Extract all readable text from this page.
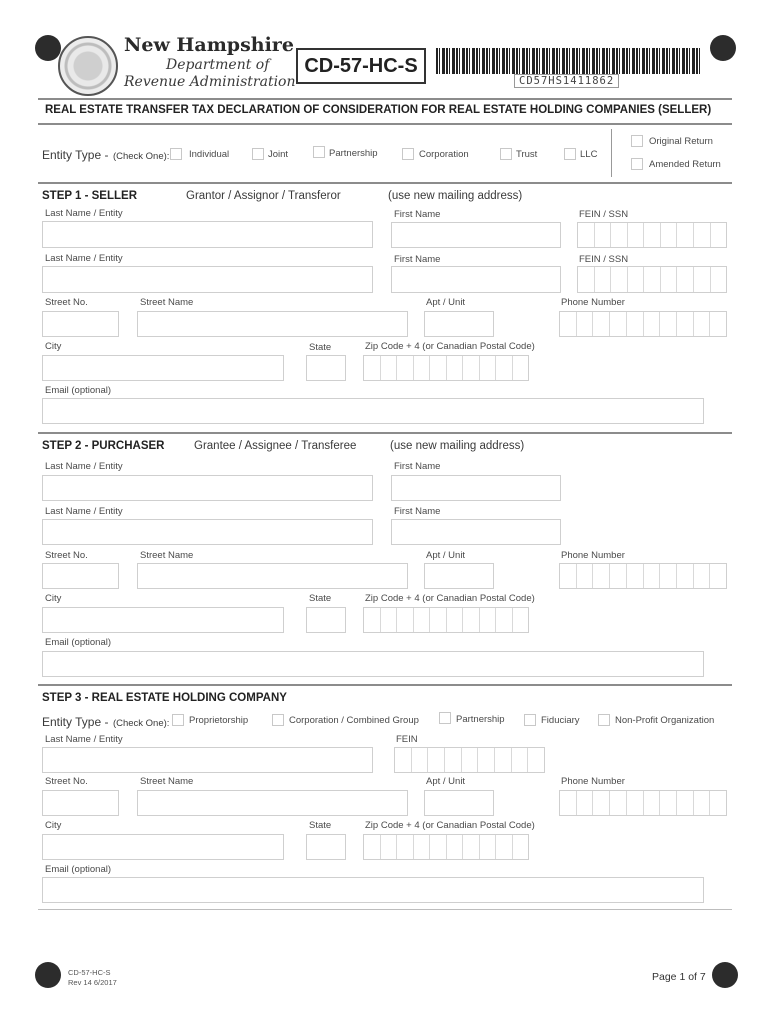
New Hampshire
Department of
Revenue Administration
CD-57-HC-S
CD57HS1411862
REAL ESTATE TRANSFER TAX DECLARATION OF CONSIDERATION FOR REAL ESTATE HOLDING COMPANIES (SELLER)
Entity Type - (Check One): Individual	Joint	Partnership	Corporation	Trust	LLC
Original Return
Amended Return
STEP 1 - SELLER	Grantor / Assignor / Transferor	(use new mailing address)
Last Name / Entity	First Name	FEIN / SSN
Last Name / Entity	First Name	FEIN / SSN
Street No.	Street Name	Apt / Unit	Phone Number
City	State	Zip Code + 4 (or Canadian Postal Code)
Email (optional)
STEP 2 - PURCHASER	Grantee / Assignee / Transferee	(use new mailing address)
Last Name / Entity	First Name
Last Name / Entity	First Name
Street No.	Street Name	Apt / Unit	Phone Number
City	State	Zip Code + 4 (or Canadian Postal Code)
Email (optional)
STEP 3 - REAL ESTATE HOLDING COMPANY
Entity Type - (Check One): Proprietorship	Corporation / Combined Group	Partnership	Fiduciary	Non-Profit Organization
Last Name / Entity	FEIN
Street No.	Street Name	Apt / Unit	Phone Number
City	State	Zip Code + 4 (or Canadian Postal Code)
Email (optional)
CD-57-HC-S
Rev 14 6/2017	Page 1 of 7
